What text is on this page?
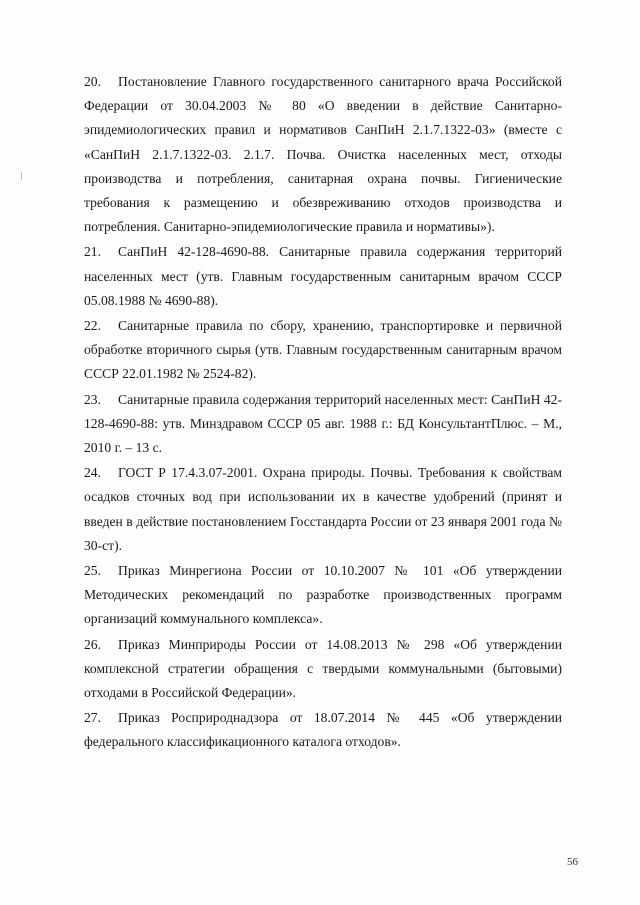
20. Постановление Главного государственного санитарного врача Российской Федерации от 30.04.2003 № 80 «О введении в действие Санитарно-эпидемиологических правил и нормативов СанПиН 2.1.7.1322-03» (вместе с «СанПиН 2.1.7.1322-03. 2.1.7. Почва. Очистка населенных мест, отходы производства и потребления, санитарная охрана почвы. Гигиенические требования к размещению и обезвреживанию отходов производства и потребления. Санитарно-эпидемиологические правила и нормативы»).

21. СанПиН 42-128-4690-88. Санитарные правила содержания территорий населенных мест (утв. Главным государственным санитарным врачом СССР 05.08.1988 № 4690-88).

22. Санитарные правила по сбору, хранению, транспортировке и первичной обработке вторичного сырья (утв. Главным государственным санитарным врачом СССР 22.01.1982 № 2524-82).

23. Санитарные правила содержания территорий населенных мест: СанПиН 42-128-4690-88: утв. Минздравом СССР 05 авг. 1988 г.: БД КонсультантПлюс. – М., 2010 г. – 13 с.

24. ГОСТ Р 17.4.3.07-2001. Охрана природы. Почвы. Требования к свойствам осадков сточных вод при использовании их в качестве удобрений (принят и введен в действие постановлением Госстандарта России от 23 января 2001 года № 30-ст).

25. Приказ Минрегиона России от 10.10.2007 № 101 «Об утверждении Методических рекомендаций по разработке производственных программ организаций коммунального комплекса».

26. Приказ Минприроды России от 14.08.2013 № 298 «Об утверждении комплексной стратегии обращения с твердыми коммунальными (бытовыми) отходами в Российской Федерации».

27. Приказ Росприроднадзора от 18.07.2014 № 445 «Об утверждении федерального классификационного каталога отходов».

56
